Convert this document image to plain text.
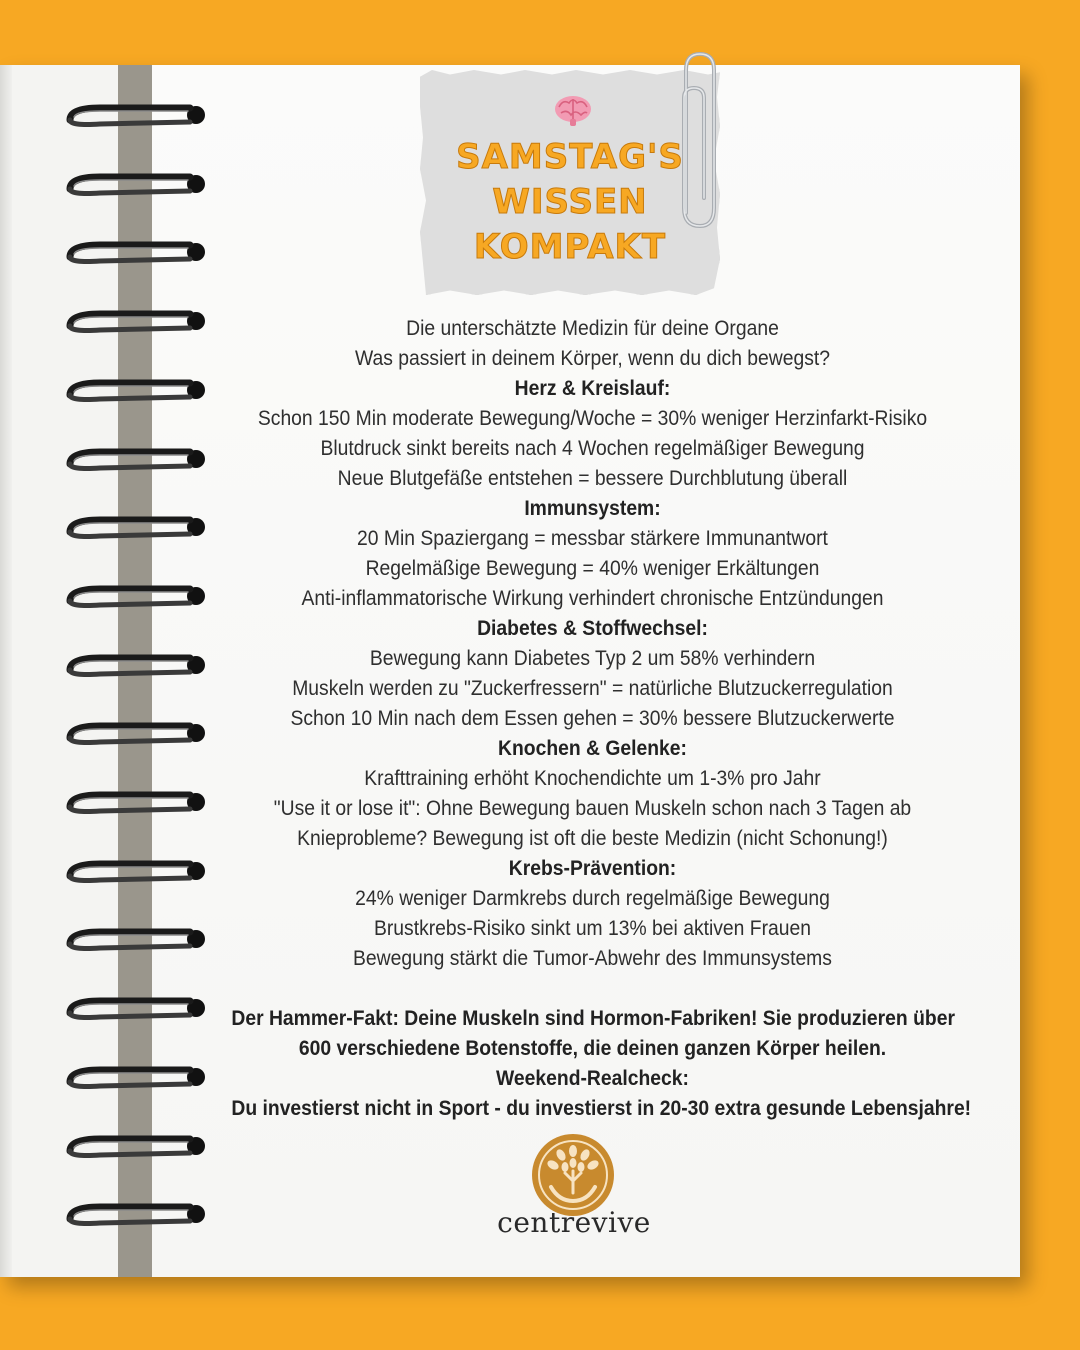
SAMSTAG'S
WISSEN
KOMPAKT
Die unterschätzte Medizin für deine Organe
Was passiert in deinem Körper, wenn du dich bewegst?
Herz & Kreislauf:
Schon 150 Min moderate Bewegung/Woche = 30% weniger Herzinfarkt-Risiko
Blutdruck sinkt bereits nach 4 Wochen regelmäßiger Bewegung
Neue Blutgefäße entstehen = bessere Durchblutung überall
Immunsystem:
20 Min Spaziergang = messbar stärkere Immunantwort
Regelmäßige Bewegung = 40% weniger Erkältungen
Anti-inflammatorische Wirkung verhindert chronische Entzündungen
Diabetes & Stoffwechsel:
Bewegung kann Diabetes Typ 2 um 58% verhindern
Muskeln werden zu "Zuckerfressern" = natürliche Blutzuckerregulation
Schon 10 Min nach dem Essen gehen = 30% bessere Blutzuckerwerte
Knochen & Gelenke:
Krafttraining erhöht Knochendichte um 1-3% pro Jahr
"Use it or lose it": Ohne Bewegung bauen Muskeln schon nach 3 Tagen ab
Knieprobleme? Bewegung ist oft die beste Medizin (nicht Schonung!)
Krebs-Prävention:
24% weniger Darmkrebs durch regelmäßige Bewegung
Brustkrebs-Risiko sinkt um 13% bei aktiven Frauen
Bewegung stärkt die Tumor-Abwehr des Immunsystems
Der Hammer-Fakt: Deine Muskeln sind Hormon-Fabriken! Sie produzieren über
600 verschiedene Botenstoffe, die deinen ganzen Körper heilen.
Weekend-Realcheck:
Du investierst nicht in Sport - du investierst in 20-30 extra gesunde Lebensjahre!
centrevive
